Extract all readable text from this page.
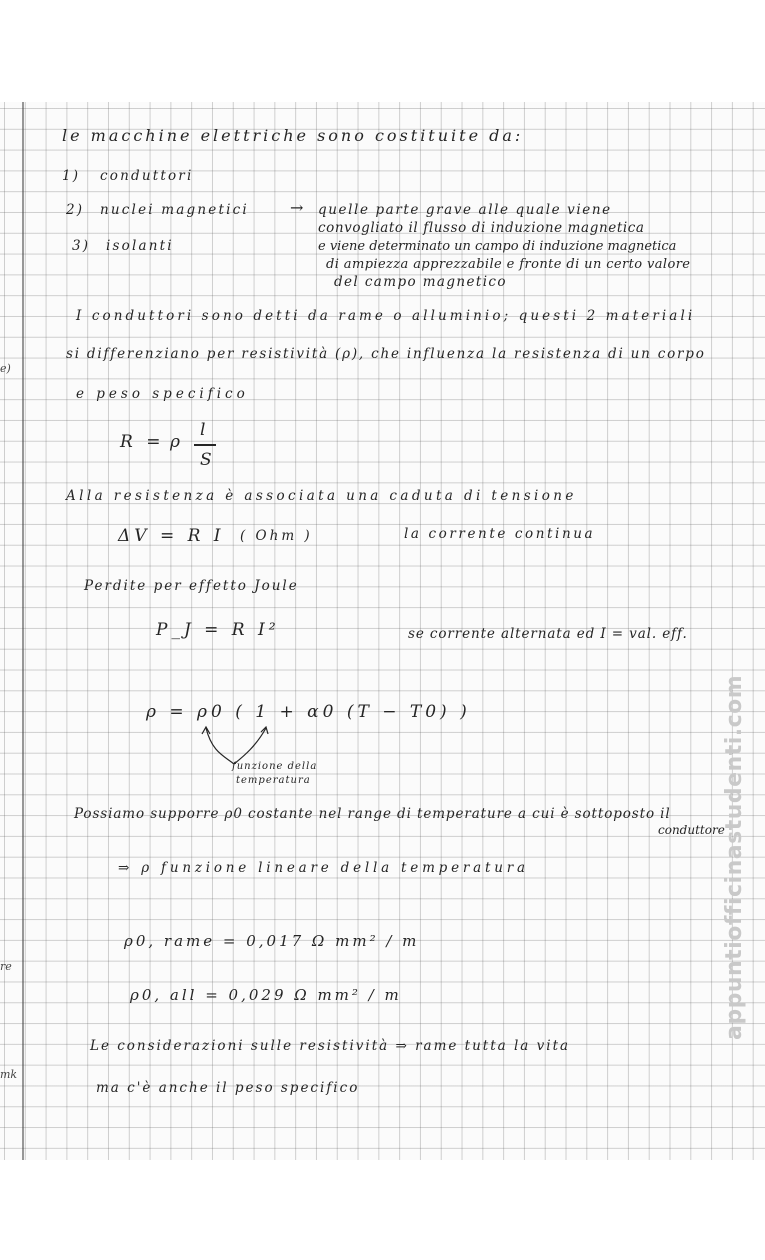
e)
re
mk
le macchine elettriche sono costituite da:
1) conduttori
2) nuclei magnetici	→ quelle parte grave alle quale viene
convogliato il flusso di induzione magnetica
3) isolanti	e viene determinato un campo di induzione magnetica
di ampiezza apprezzabile e fronte di un certo valore
del campo magnetico
I conduttori sono detti da rame o alluminio; questi 2 materiali
si differenziano per resistività (ρ), che influenza la resistenza di un corpo
e peso specifico
R = ρ
l
S
Alla resistenza è associata una caduta di tensione
ΔV = R I ( Ohm )	la corrente continua
Perdite per effetto Joule
P_J = R I²	se corrente alternata ed I = val. eff.
ρ = ρ0 ( 1 + α0 (T − T0) )
funzione della
temperatura
Possiamo supporre ρ0 costante nel range di temperature a cui è sottoposto il
conduttore
⇒ ρ funzione lineare della temperatura
ρ0, rame = 0,017 Ω mm² / m
ρ0, all = 0,029 Ω mm² / m
Le considerazioni sulle resistività ⇒ rame tutta la vita
ma c'è anche il peso specifico
appuntiofficinastudenti.com
